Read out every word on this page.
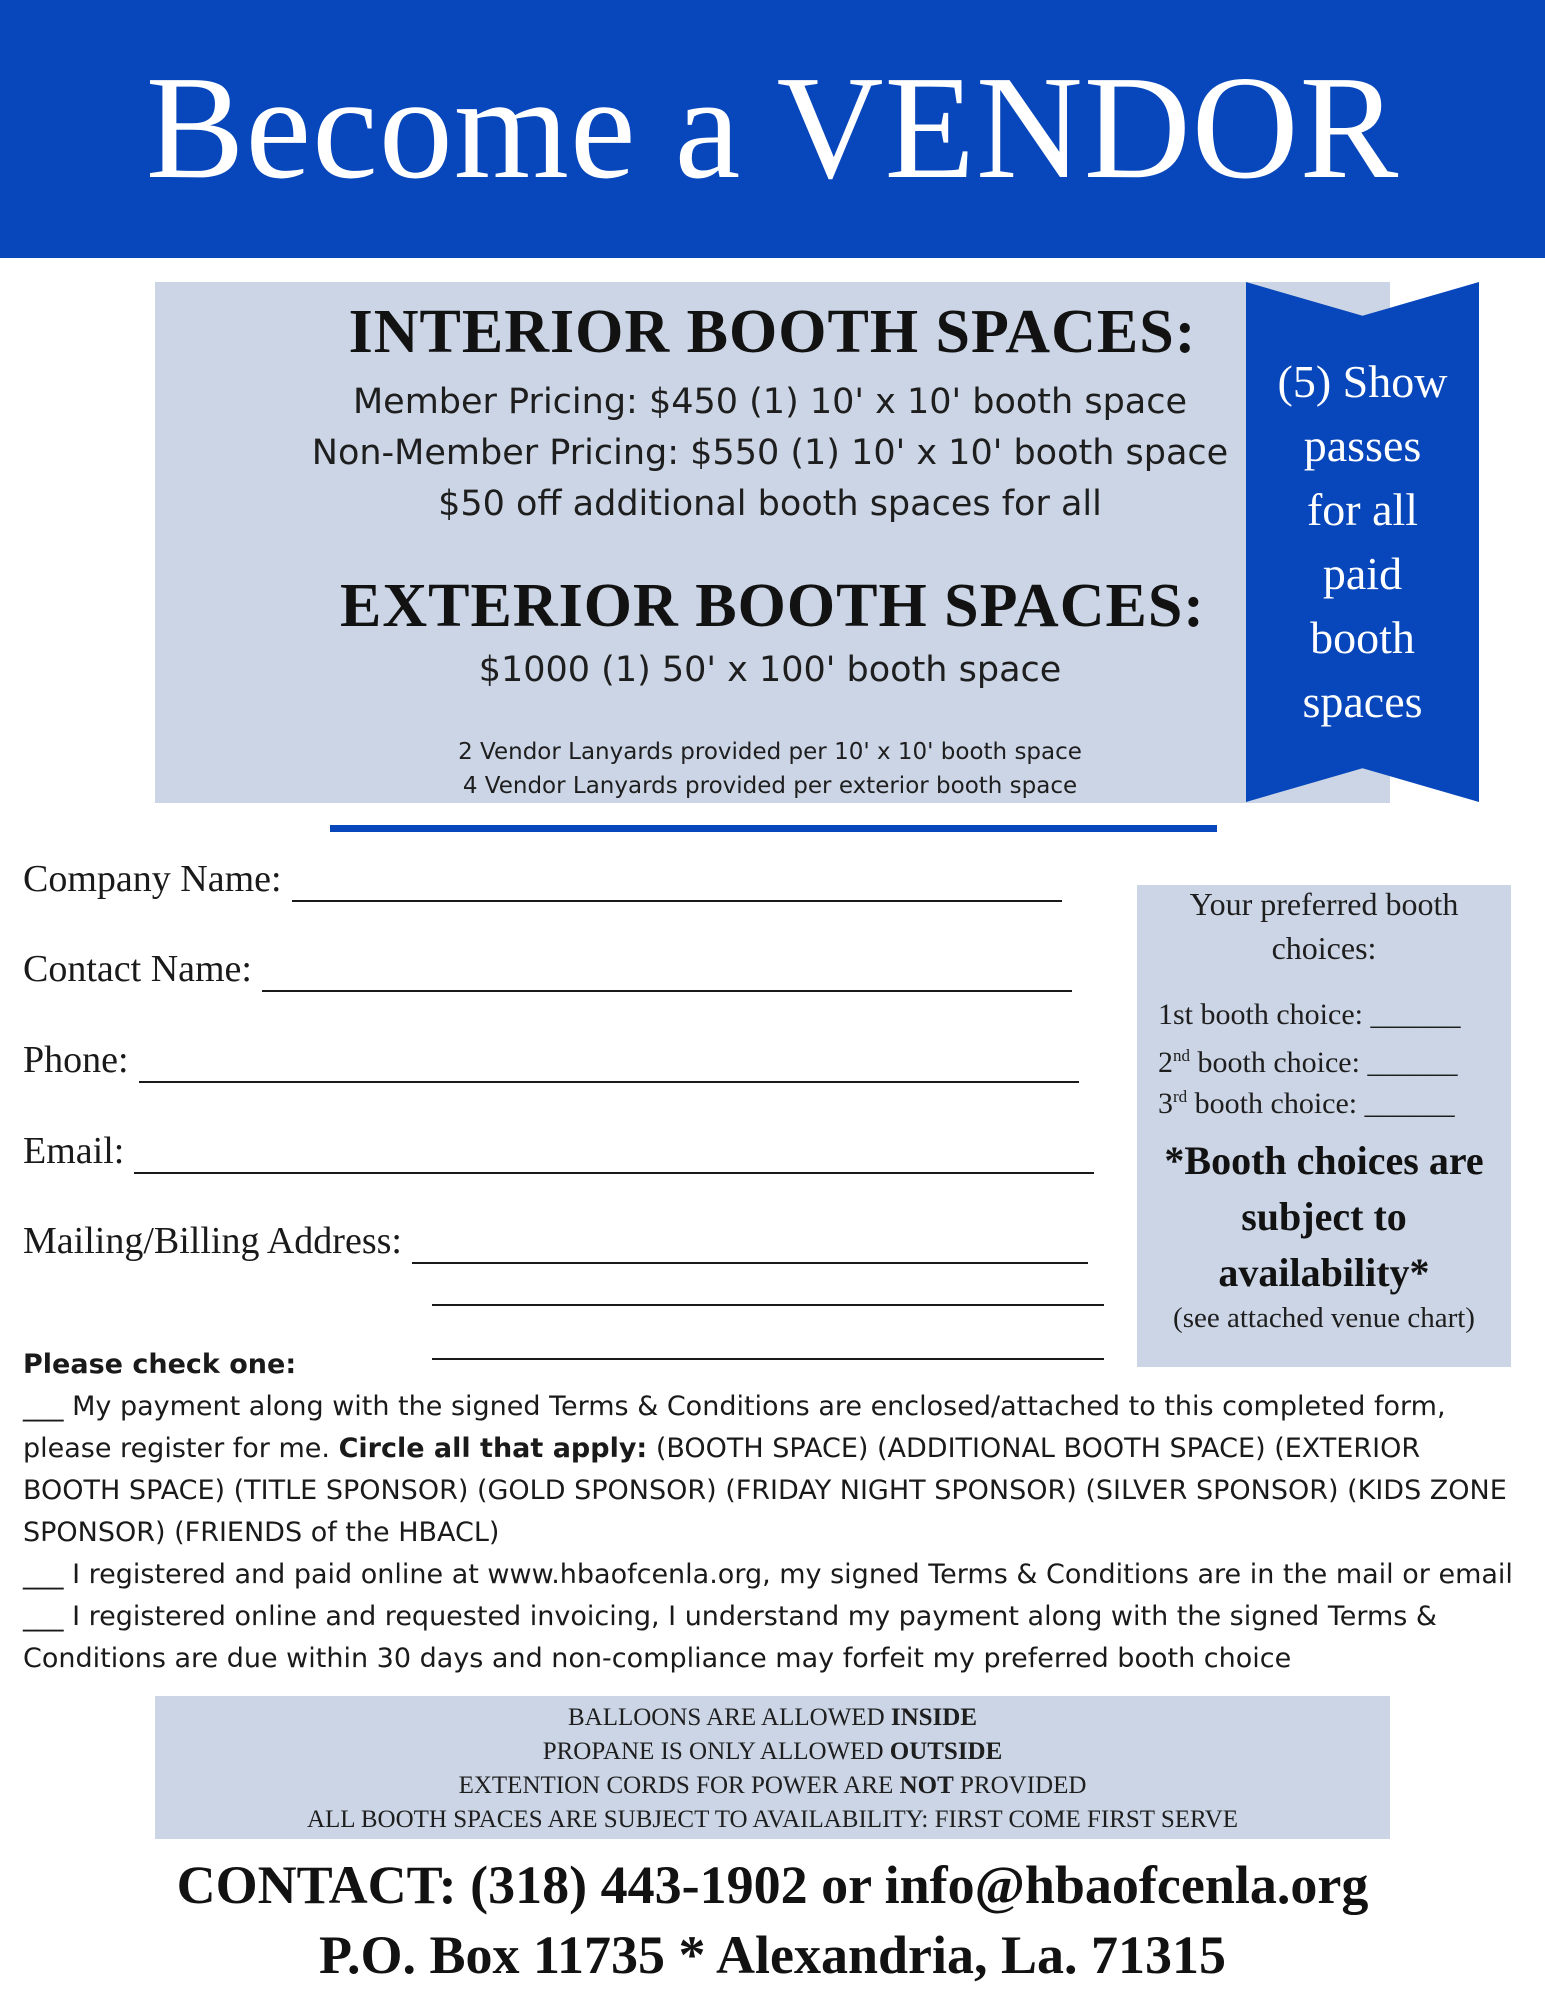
Become a VENDOR
INTERIOR BOOTH SPACES:
Member Pricing: $450 (1) 10' x 10' booth space
Non-Member Pricing: $550 (1) 10' x 10' booth space
$50 off additional booth spaces for all
EXTERIOR BOOTH SPACES:
$1000 (1) 50' x 100' booth space
2 Vendor Lanyards provided per 10' x 10' booth space
4 Vendor Lanyards provided per exterior booth space
(5) Show
passes
for all
paid
booth
spaces
Company Name:
Contact Name:
Phone:
Email:
Mailing/Billing Address:
Your preferred booth choices:
1st booth choice: ______
2nd booth choice: ______
3rd booth choice: ______
*Booth choices are subject to availability*
(see attached venue chart)

Please check one:

___ My payment along with the signed Terms & Conditions are enclosed/attached to this completed form, please register for me. Circle all that apply: (BOOTH SPACE) (ADDITIONAL BOOTH SPACE) (EXTERIOR BOOTH SPACE) (TITLE SPONSOR) (GOLD SPONSOR) (FRIDAY NIGHT SPONSOR) (SILVER SPONSOR) (KIDS ZONE SPONSOR) (FRIENDS of the HBACL)

___ I registered and paid online at www.hbaofcenla.org, my signed Terms & Conditions are in the mail or email

___ I registered online and requested invoicing, I understand my payment along with the signed Terms & Conditions are due within 30 days and non-compliance may forfeit my preferred booth choice

BALLOONS ARE ALLOWED INSIDE
PROPANE IS ONLY ALLOWED OUTSIDE
EXTENTION CORDS FOR POWER ARE NOT PROVIDED
ALL BOOTH SPACES ARE SUBJECT TO AVAILABILITY: FIRST COME FIRST SERVE
CONTACT: (318) 443-1902 or info@hbaofcenla.org
P.O. Box 11735 * Alexandria, La. 71315
